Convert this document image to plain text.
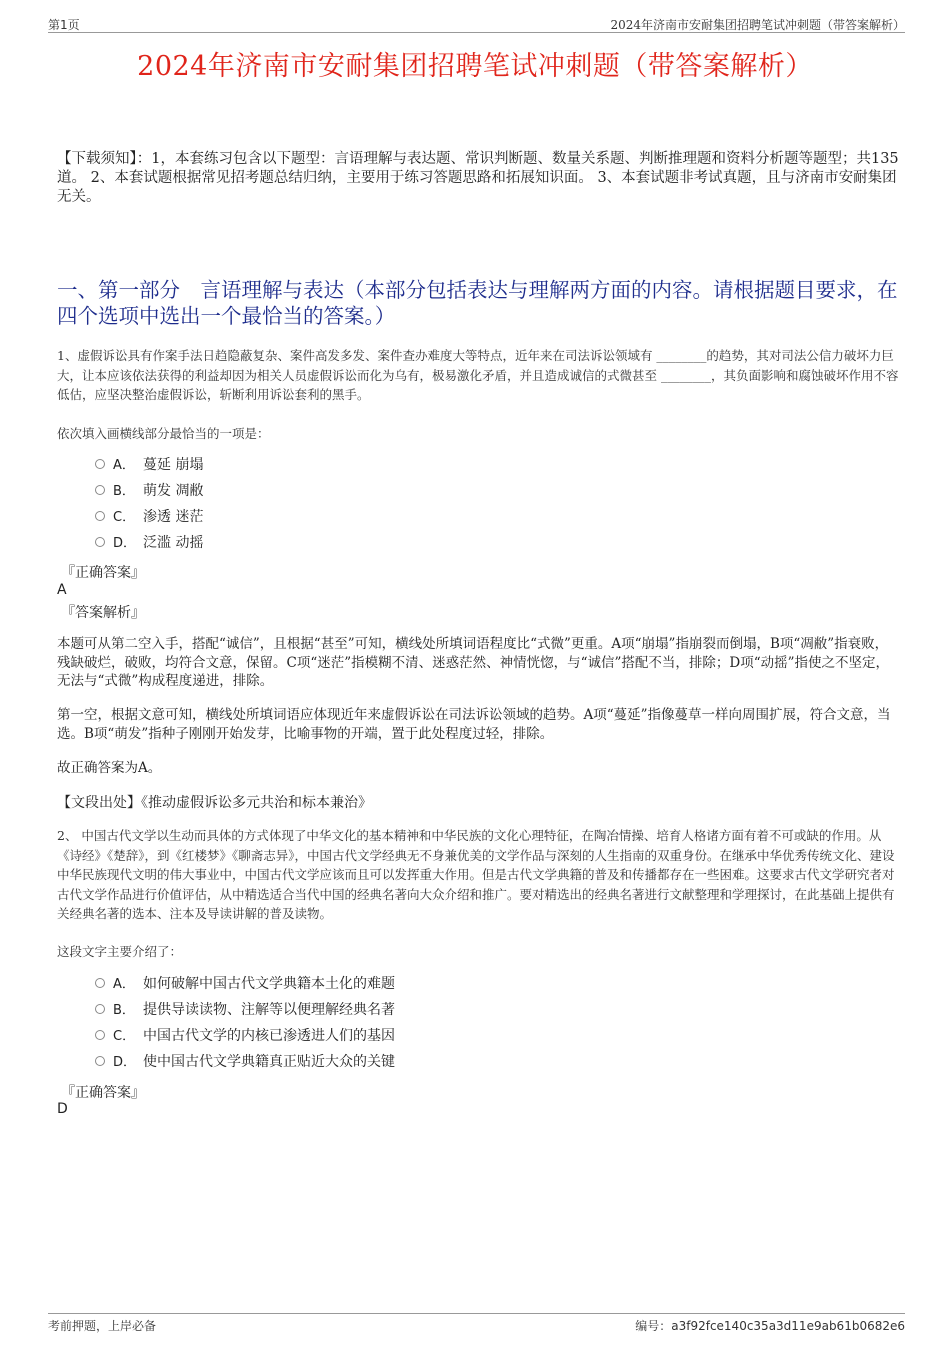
第1页	2024年济南市安耐集团招聘笔试冲刺题（带答案解析）
2024年济南市安耐集团招聘笔试冲刺题（带答案解析）
【下载须知】：1，本套练习包含以下题型：言语理解与表达题、常识判断题、数量关系题、判断推理题和资料分析题等题型；共135道。 2、本套试题根据常见招考题总结归纳，主要用于练习答题思路和拓展知识面。 3、本套试题非考试真题，且与济南市安耐集团无关。
一、第一部分　言语理解与表达（本部分包括表达与理解两方面的内容。请根据题目要求，在四个选项中选出一个最恰当的答案。）
1、虚假诉讼具有作案手法日趋隐蔽复杂、案件高发多发、案件查办难度大等特点，近年来在司法诉讼领域有 ________的趋势，其对司法公信力破坏力巨大，让本应该依法获得的利益却因为相关人员虚假诉讼而化为乌有，极易激化矛盾，并且造成诚信的式微甚至 ________，其负面影响和腐蚀破坏作用不容低估，应坚决整治虚假诉讼，斩断利用诉讼套利的黑手。
依次填入画横线部分最恰当的一项是：
A． 蔓延 崩塌
B． 萌发 凋敝
C． 渗透 迷茫
D． 泛滥 动摇
『正确答案』
A
『答案解析』
本题可从第二空入手，搭配“诚信”，且根据“甚至”可知，横线处所填词语程度比“式微”更重。A项“崩塌”指崩裂而倒塌，B项“凋敝”指衰败，残缺破烂，破败，均符合文意，保留。C项“迷茫”指模糊不清、迷惑茫然、神情恍惚，与“诚信”搭配不当，排除；D项“动摇”指使之不坚定，无法与“式微”构成程度递进，排除。
第一空，根据文意可知，横线处所填词语应体现近年来虚假诉讼在司法诉讼领域的趋势。A项“蔓延”指像蔓草一样向周围扩展，符合文意，当选。B项“萌发”指种子刚刚开始发芽，比喻事物的开端，置于此处程度过轻，排除。
故正确答案为A。
【文段出处】《推动虚假诉讼多元共治和标本兼治》
2、 中国古代文学以生动而具体的方式体现了中华文化的基本精神和中华民族的文化心理特征，在陶冶情操、培育人格诸方面有着不可或缺的作用。从《诗经》《楚辞》，到《红楼梦》《聊斋志异》，中国古代文学经典无不身兼优美的文学作品与深刻的人生指南的双重身份。在继承中华优秀传统文化、建设中华民族现代文明的伟大事业中，中国古代文学应该而且可以发挥重大作用。但是古代文学典籍的普及和传播都存在一些困难。这要求古代文学研究者对古代文学作品进行价值评估，从中精选适合当代中国的经典名著向大众介绍和推广。要对精选出的经典名著进行文献整理和学理探讨，在此基础上提供有关经典名著的选本、注本及导读讲解的普及读物。
这段文字主要介绍了：
A． 如何破解中国古代文学典籍本土化的难题
B． 提供导读读物、注解等以便理解经典名著
C． 中国古代文学的内核已渗透进人们的基因
D． 使中国古代文学典籍真正贴近大众的关键
『正确答案』
D
考前押题，上岸必备	编号：a3f92fce140c35a3d11e9ab61b0682e6
